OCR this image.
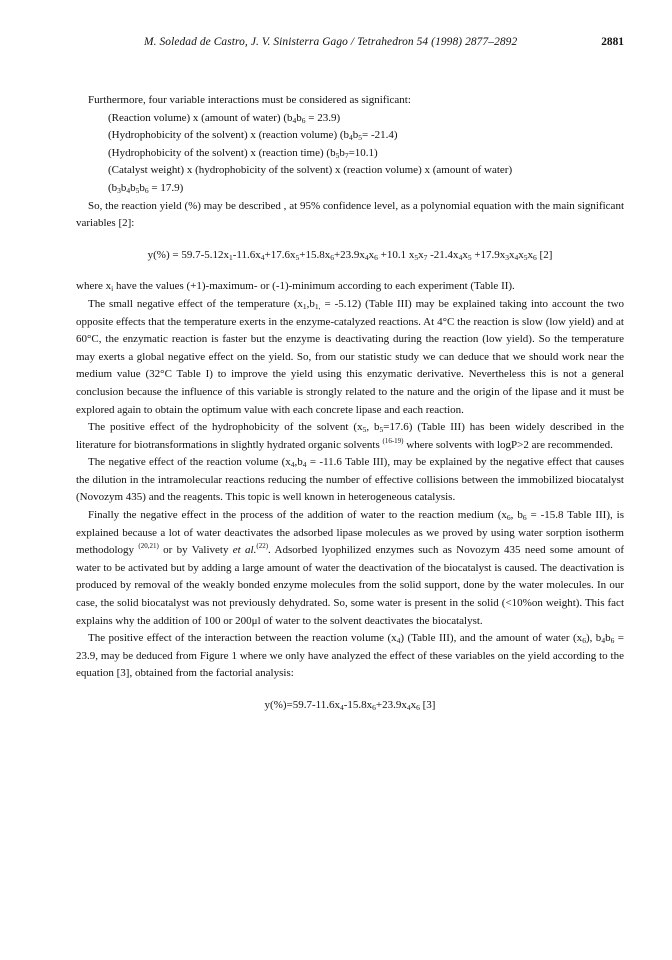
M. Soledad de Castro, J. V. Sinisterra Gago / Tetrahedron 54 (1998) 2877–2892	2881

Furthermore, four variable interactions must be considered as significant:

(Reaction volume) x (amount of water) $(b_4b_6 = 23.9)$
(Hydrophobicity of the solvent) x (reaction volume) $(b_4b_5= -21.4)$
(Hydrophobicity of the solvent) x (reaction time) $(b_5b_7=10.1)$
(Catalyst weight) x (hydrophobicity of the solvent) x (reaction volume) x (amount of water)
$(b_3b_4b_5b_6 = 17.9)$

So, the reaction yield (%) may be described , at 95% confidence level, as a polynomial equation with the main significant variables [2]:

$y(\%) = 59.7-5.12x_1-11.6x_4+17.6x_5+15.8x_6+23.9x_4x_6 +10.1$ $x_5x_7$ $-21.4x_4x_5 +17.9x_3x_4x_5x_6$ [2]

where $x_i$ have the values (+1)-maximum- or (-1)-minimum according to each experiment (Table II).

The small negative effect of the temperature $(x_1,b_{1,} = -5.12)$ (Table III) may be explained taking into account the two opposite effects that the temperature exerts in the enzyme-catalyzed reactions. At 4°C the reaction is slow (low yield) and at 60°C, the enzymatic reaction is faster but the enzyme is deactivating during the reaction (low yield). So the temperature may exerts a global negative effect on the yield. So, from our statistic study we can deduce that we should work near the medium value (32°C Table I) to improve the yield using this enzymatic derivative. Nevertheless this is not a general conclusion because the influence of this variable is strongly related to the nature and the origin of the lipase and it must be explored again to obtain the optimum value with each concrete lipase and each reaction.

The positive effect of the hydrophobicity of the solvent ($x_5$, $b_5=17.6$) (Table III) has been widely described in the literature for biotransformations in slightly hydrated organic solvents $^{(16-19)}$ where solvents with logP>2 are recommended.

The negative effect of the reaction volume ($x_4,b_4 = -11.6$ Table III), may be explained by the negative effect that causes the dilution in the intramolecular reactions reducing the number of effective collisions between the immobilized biocatalyst (Novozym 435) and the reagents. This topic is well known in heterogeneous catalysis.

Finally the negative effect in the process of the addition of water to the reaction medium ($x_6$, $b_6 = -15.8$ Table III), is explained because a lot of water deactivates the adsorbed lipase molecules as we proved by using water sorption isotherm methodology $^{(20,21)}$ or by Valivety et al.$^{(22)}$. Adsorbed lyophilized enzymes such as Novozym 435 need some amount of water to be activated but by adding a large amount of water the deactivation of the biocatalyst is caused. The deactivation is produced by removal of the weakly bonded enzyme molecules from the solid support, done by the water molecules. In our case, the solid biocatalyst was not previously dehydrated. So, some water is present in the solid (<10%on weight). This fact explains why the addition of 100 or 200μl of water to the solvent deactivates the biocatalyst.

The positive effect of the interaction between the reaction volume $(x_4)$ (Table III), and the amount of water $(x_6)$, $b_4b_6 = 23.9$, may be deduced from Figure 1 where we only have analyzed the effect of these variables on the yield according to the equation [3], obtained from the factorial analysis:

$y(\%)=59.7-11.6x_4-15.8x_6+23.9x_4x_6$ [3]
